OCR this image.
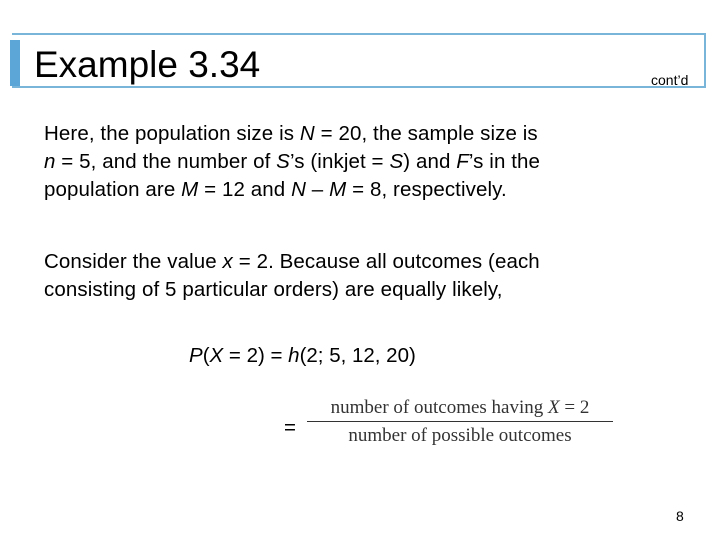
Example 3.34	cont’d
Here, the population size is N = 20, the sample size is
n = 5, and the number of S’s (inkjet = S) and F’s in the
population are M = 12 and N – M = 8, respectively.
Consider the value x = 2. Because all outcomes (each
consisting of 5 particular orders) are equally likely,
P(X = 2) = h(2; 5, 12, 20)
=
number of outcomes having X = 2
number of possible outcomes
8
